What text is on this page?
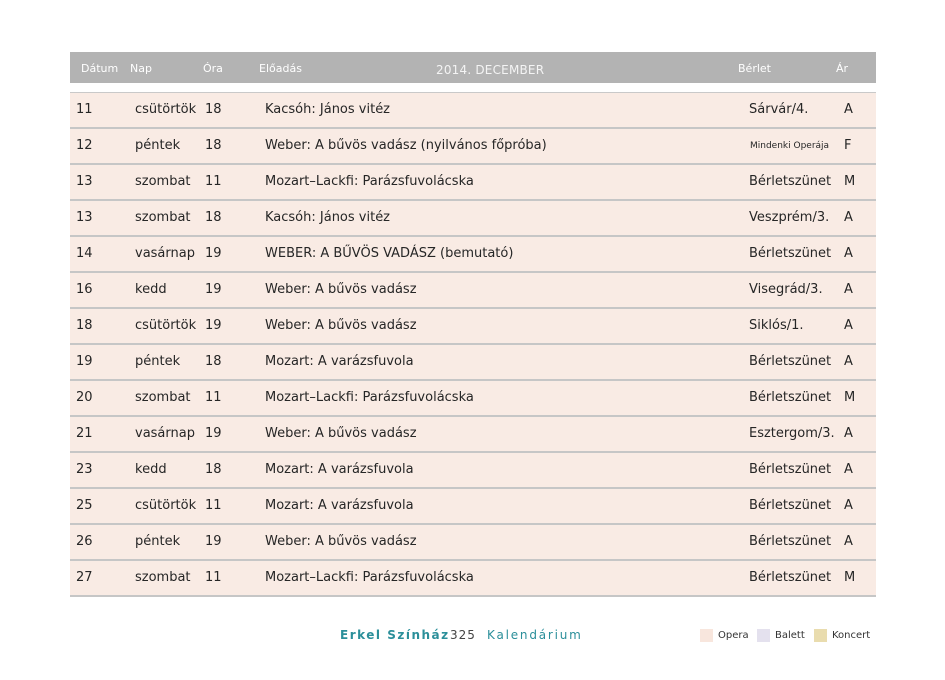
Dátum Nap	Óra	Előadás	2014. DECEMBER	Bérlet	Ár
11	csütörtök 18	Kacsóh: János vitéz	Sárvár/4.	A
12	péntek 18	Weber: A bűvös vadász (nyilvános főpróba)	Mindenki Operája F
13	szombat 11	Mozart–Lackfi: Parázsfuvolácska	Bérletszünet M
13	szombat 18	Kacsóh: János vitéz	Veszprém/3. A
14	vasárnap 19	WEBER: A BŰVÖS VADÁSZ (bemutató)	Bérletszünet A
16	kedd	19	Weber: A bűvös vadász	Visegrád/3. A
18	csütörtök 19	Weber: A bűvös vadász	Siklós/1.	A
19	péntek 18	Mozart: A varázsfuvola	Bérletszünet A
20	szombat 11	Mozart–Lackfi: Parázsfuvolácska	Bérletszünet M
21	vasárnap 19	Weber: A bűvös vadász	Esztergom/3. A
23	kedd	18	Mozart: A varázsfuvola	Bérletszünet A
25	csütörtök 11	Mozart: A varázsfuvola	Bérletszünet A
26	péntek 19	Weber: A bűvös vadász	Bérletszünet A
27	szombat 11	Mozart–Lackfi: Parázsfuvolácska	Bérletszünet M
Erkel Színház 325 Kalendárium	Opera	Balett	Koncert
